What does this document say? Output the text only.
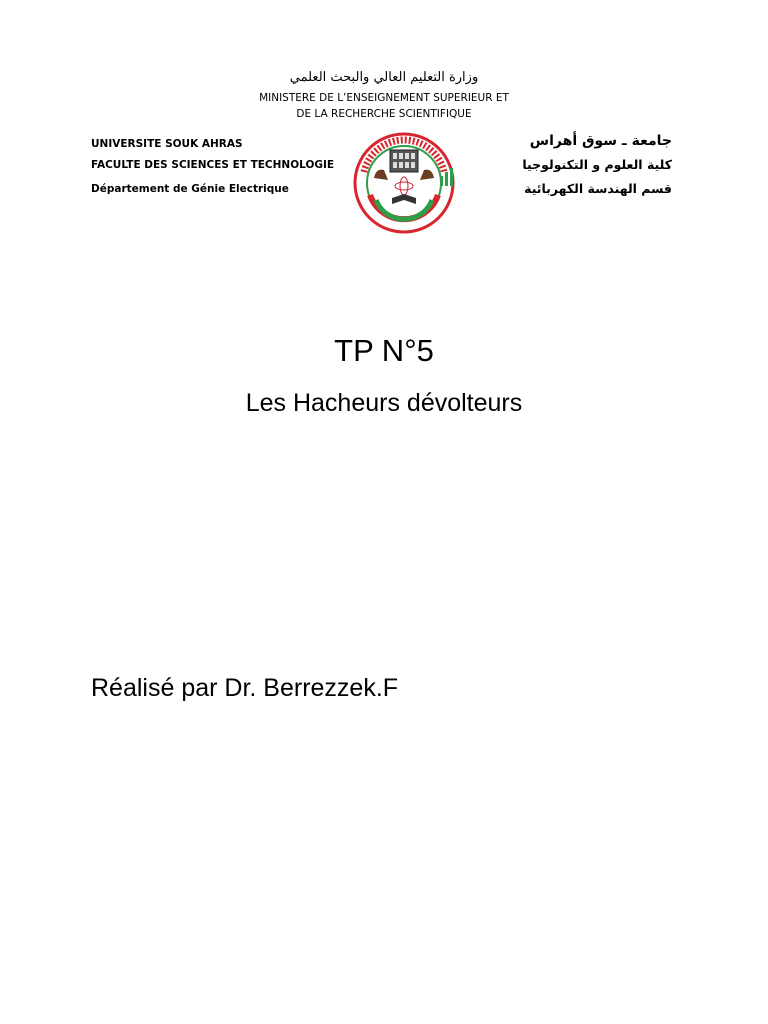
وزارة التعليم العالي والبحث العلمي
MINISTERE DE L’ENSEIGNEMENT SUPERIEUR ET
DE LA RECHERCHE SCIENTIFIQUE
UNIVERSITE SOUK AHRAS
FACULTE DES SCIENCES ET TECHNOLOGIE
Département de Génie Electrique
جامعة ـ سوق أهراس
كلية العلوم و التكنولوجيا
قسم الهندسة الكهربائية
TP N°5
Les Hacheurs dévolteurs
Réalisé par Dr. Berrezzek.F
